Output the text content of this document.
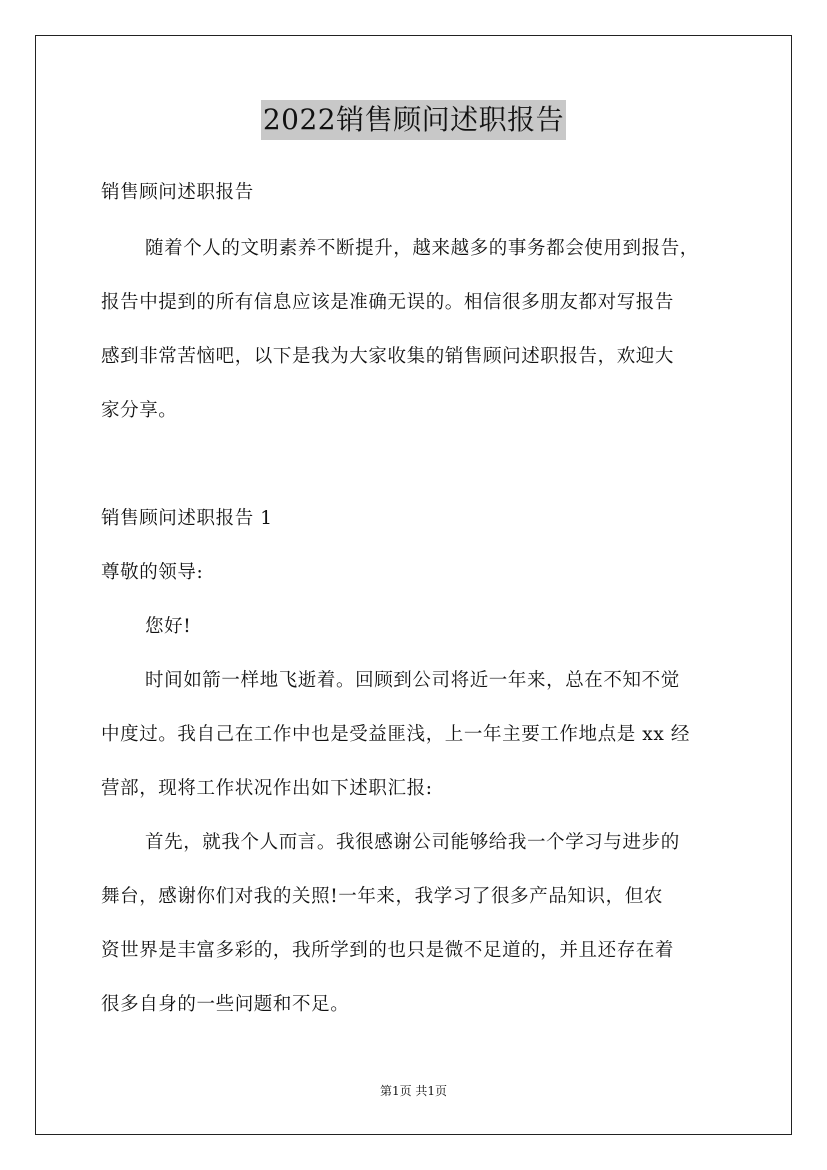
2022销售顾问述职报告
销售顾问述职报告
随着个人的文明素养不断提升，越来越多的事务都会使用到报告，
报告中提到的所有信息应该是准确无误的。相信很多朋友都对写报告
感到非常苦恼吧，以下是我为大家收集的销售顾问述职报告，欢迎大
家分享。
销售顾问述职报告 1
尊敬的领导:
您好!
时间如箭一样地飞逝着。回顾到公司将近一年来，总在不知不觉
中度过。我自己在工作中也是受益匪浅，上一年主要工作地点是 xx 经
营部，现将工作状况作出如下述职汇报:
首先，就我个人而言。我很感谢公司能够给我一个学习与进步的
舞台，感谢你们对我的关照!一年来，我学习了很多产品知识，但农
资世界是丰富多彩的，我所学到的也只是微不足道的，并且还存在着
很多自身的一些问题和不足。
第1页 共1页
